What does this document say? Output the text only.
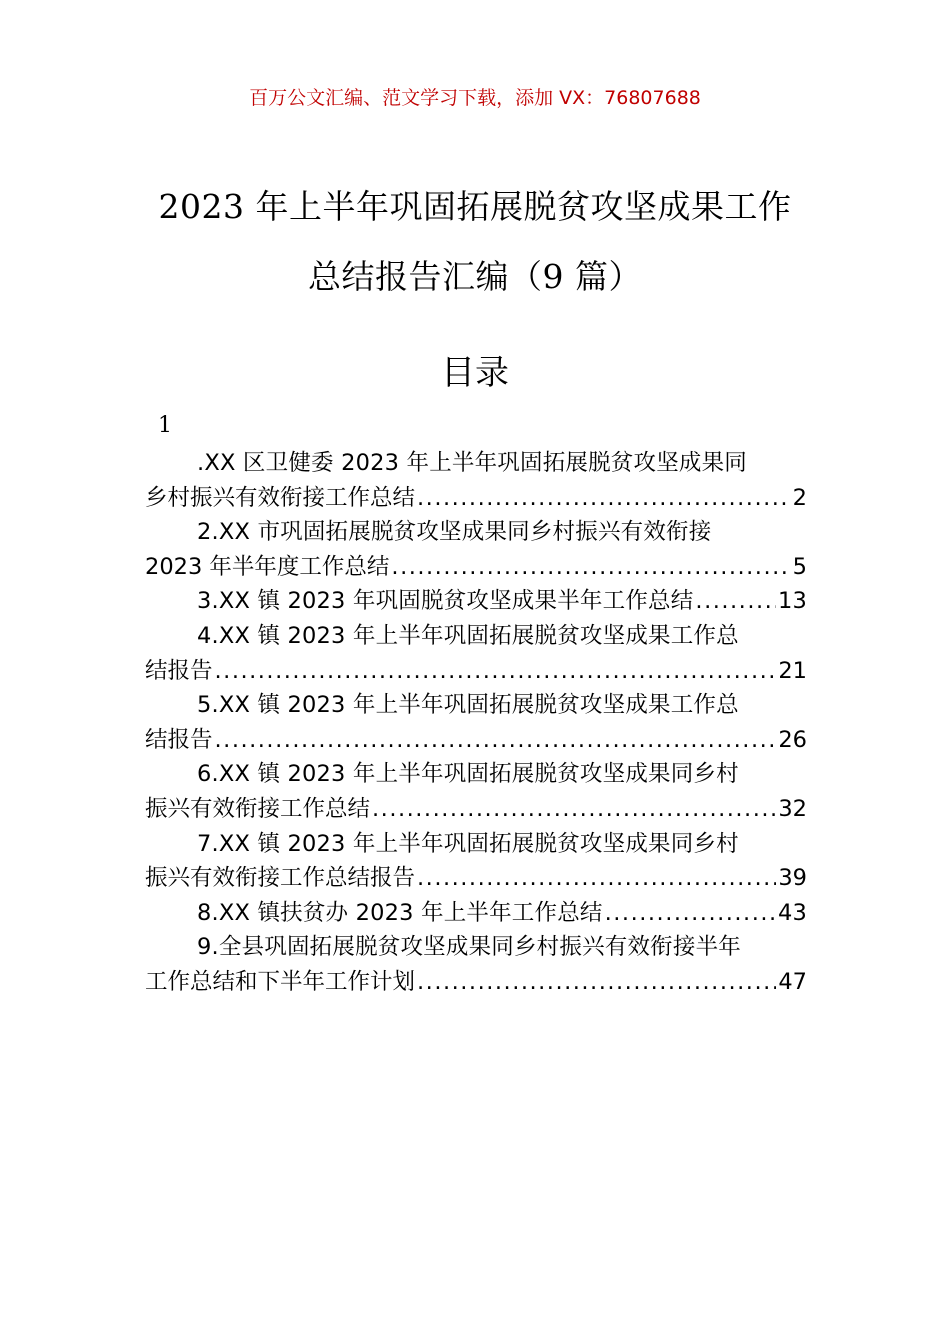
百万公文汇编、范文学习下载，添加 VX：76807688
2023 年上半年巩固拓展脱贫攻坚成果工作
总结报告汇编（9 篇）
目录
1
.XX 区卫健委 2023 年上半年巩固拓展脱贫攻坚成果同
乡村振兴有效衔接工作总结 .....	2
2.XX 市巩固拓展脱贫攻坚成果同乡村振兴有效衔接
2023 年半年度工作总结 .....	5
3.XX 镇 2023 年巩固脱贫攻坚成果半年工作总结 .....	13
4.XX 镇 2023 年上半年巩固拓展脱贫攻坚成果工作总
结报告 .....	21
5.XX 镇 2023 年上半年巩固拓展脱贫攻坚成果工作总
结报告 .....	26
6.XX 镇 2023 年上半年巩固拓展脱贫攻坚成果同乡村
振兴有效衔接工作总结 .....	32
7.XX 镇 2023 年上半年巩固拓展脱贫攻坚成果同乡村
振兴有效衔接工作总结报告 .....	39
8.XX 镇扶贫办 2023 年上半年工作总结 .....	43
9.全县巩固拓展脱贫攻坚成果同乡村振兴有效衔接半年
工作总结和下半年工作计划 .....	47
